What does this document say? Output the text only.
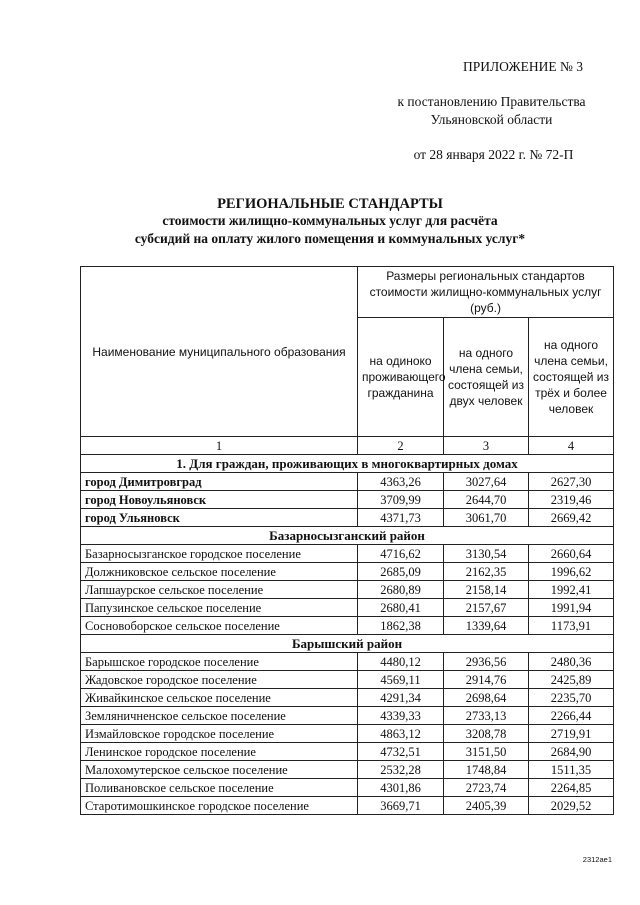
ПРИЛОЖЕНИЕ № 3
к постановлению Правительства
Ульяновской области
от 28 января 2022 г. № 72-П
РЕГИОНАЛЬНЫЕ СТАНДАРТЫ
стоимости жилищно-коммунальных услуг для расчёта
субсидий на оплату жилого помещения и коммунальных услуг*
Наименование муниципального образования	Размеры региональных стандартов стоимости жилищно-коммунальных услуг (руб.)		
	на одиноко проживающего гражданина	на одного члена семьи, состоящей из двух человек	на одного члена семьи, состоящей из трёх и более человек
1	2	3	4
1. Для граждан, проживающих в многоквартирных домах			
город Димитровград	4363,26	3027,64	2627,30
город Новоульяновск	3709,99	2644,70	2319,46
город Ульяновск	4371,73	3061,70	2669,42
Базарносызганский район			
Базарносызганское городское поселение	4716,62	3130,54	2660,64
Должниковское сельское поселение	2685,09	2162,35	1996,62
Лапшаурское сельское поселение	2680,89	2158,14	1992,41
Папузинское сельское поселение	2680,41	2157,67	1991,94
Сосновоборское сельское поселение	1862,38	1339,64	1173,91
Барышский район			
Барышское городское поселение	4480,12	2936,56	2480,36
Жадовское городское поселение	4569,11	2914,76	2425,89
Живайкинское сельское поселение	4291,34	2698,64	2235,70
Земляничненское сельское поселение	4339,33	2733,13	2266,44
Измайловское городское поселение	4863,12	3208,78	2719,91
Ленинское городское поселение	4732,51	3151,50	2684,90
Малохомутерское сельское поселение	2532,28	1748,84	1511,35
Поливановское сельское поселение	4301,86	2723,74	2264,85
Старотимошкинское городское поселение	3669,71	2405,39	2029,52
2312ae1
